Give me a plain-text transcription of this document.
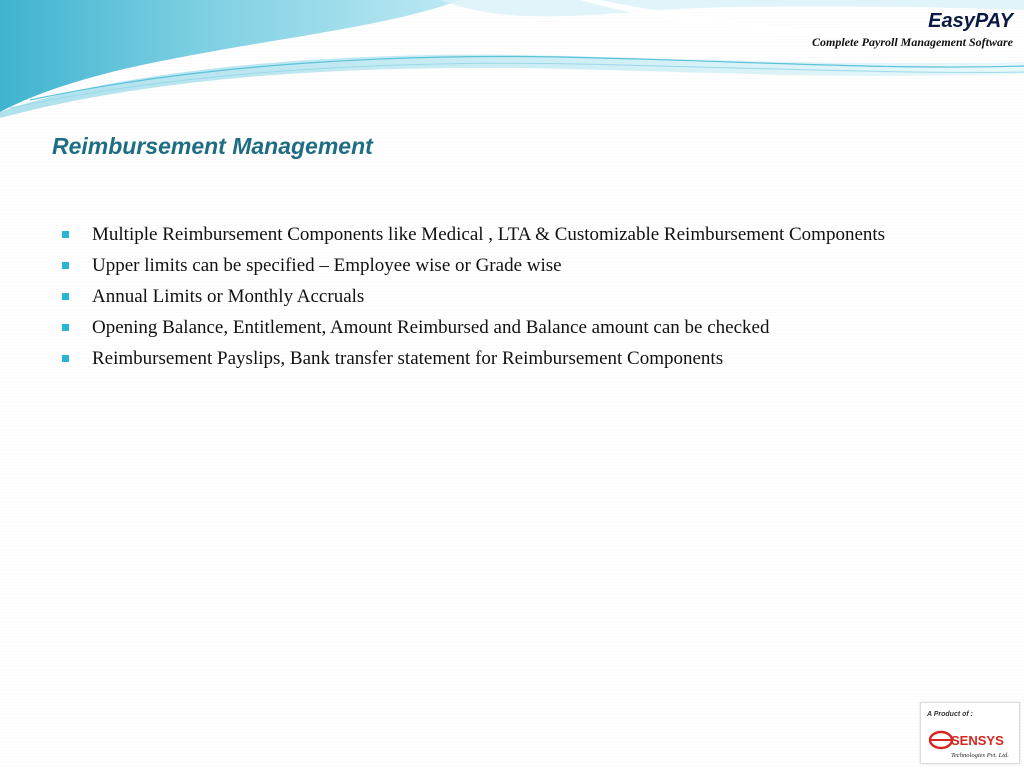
EasyPAY
Complete Payroll Management Software
Reimbursement Management
Multiple Reimbursement Components like Medical , LTA & Customizable Reimbursement Components
Upper limits can be specified – Employee wise or Grade wise
Annual Limits or Monthly Accruals
Opening Balance, Entitlement, Amount Reimbursed and Balance amount can be checked
Reimbursement Payslips, Bank transfer statement for Reimbursement Components
A Product of :
SENSYS
Technologies Pvt. Ltd.
